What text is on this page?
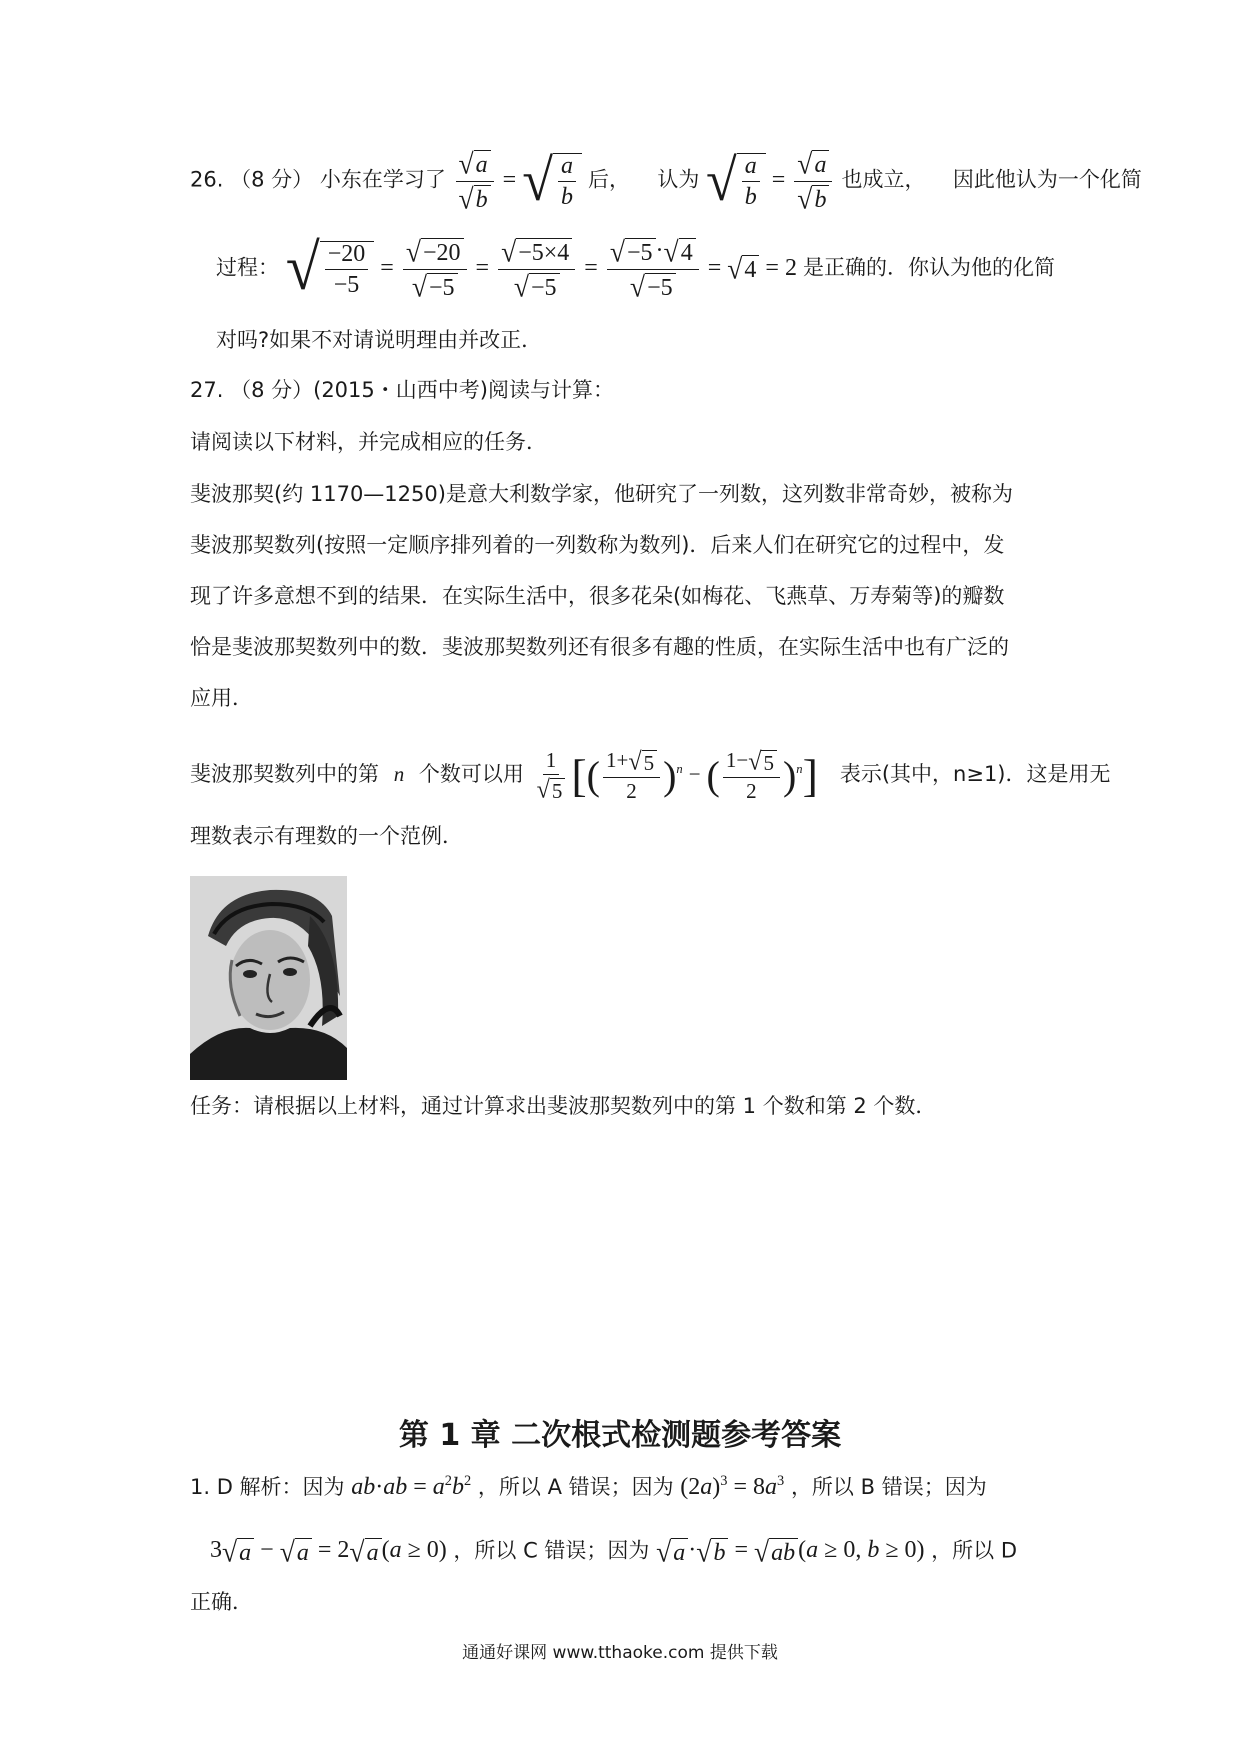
26. （8 分） 小东在学习了 $\frac{√ a}{√ b}$ = √ $\frac{a}{b}$ 后， 认为 √ $\frac{a}{b} = \frac{√ a}{√ b}$ 也成立， 因此他认为一个化简
过程： √ $\frac{-20}{-5} = \frac{√ -20}{√ -5} = \frac{√ -5\times 4}{√ -5} = \frac{√ -5 \cdot √ 4}{√ -5}$ = √ 4 = 2 是正确的．你认为他的化简
对吗?如果不对请说明理由并改正．
27. （8 分）(2015・山西中考)阅读与计算：
请阅读以下材料，并完成相应的任务．
斐波那契(约 1170—1250)是意大利数学家，他研究了一列数，这列数非常奇妙，被称为
斐波那契数列(按照一定顺序排列着的一列数称为数列)．后来人们在研究它的过程中，发
现了许多意想不到的结果．在实际生活中，很多花朵(如梅花、飞燕草、万寿菊等)的瓣数
恰是斐波那契数列中的数．斐波那契数列还有很多有趣的性质，在实际生活中也有广泛的
应用．
斐波那契数列中的第 n 个数可以用 $\frac{1}{√ 5}$ [( $\frac{1+ √ 5}{2} )^n$ − ( $\frac{1- √ 5}{2} )^n$] 表示(其中，n≥1)．这是用无
理数表示有理数的一个范例．
任务：请根据以上材料，通过计算求出斐波那契数列中的第 1 个数和第 2 个数．
第 1 章 二次根式检测题参考答案
1. D 解析：因为 $ab\cdot ab = a^2b^2$ ，所以 A 错误；因为 $(2a)^3 = 8a^3$ ，所以 B 错误；因为
3 √ a − √ a = 2 √ a (a ≥ 0) ，所以 C 错误；因为 √ a · √ b = √ ab (a ≥ 0, b ≥ 0) ，所以 D
正确．
通通好课网 www.tthaoke.com 提供下载
